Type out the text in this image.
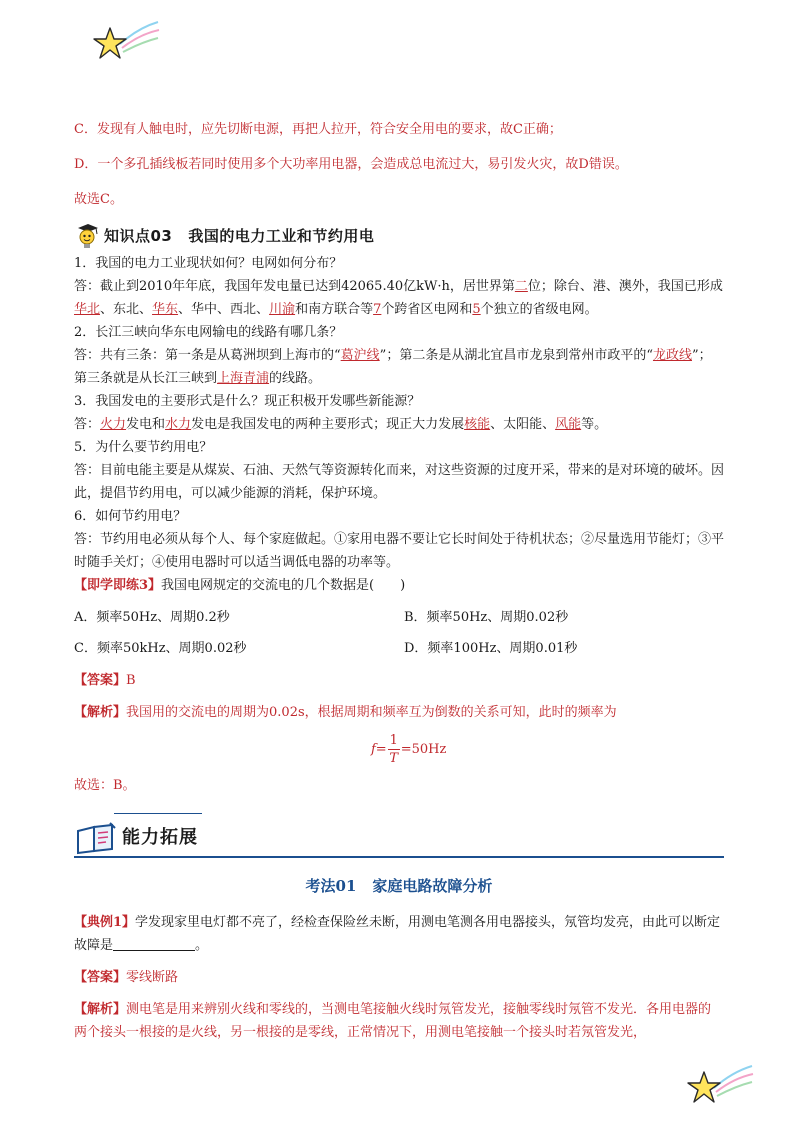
C．发现有人触电时，应先切断电源，再把人拉开，符合安全用电的要求，故C正确；

D．一个多孔插线板若同时使用多个大功率用电器，会造成总电流过大，易引发火灾，故D错误。

故选C。

知识点03 我国的电力工业和节约用电

1．我国的电力工业现状如何？电网如何分布？

答：截止到2010年年底，我国年发电量已达到42065.40亿kW·h，居世界第二位；除台、港、澳外，我国已形成华北、东北、华东、华中、西北、川渝和南方联合等7个跨省区电网和5个独立的省级电网。

2．长江三峡向华东电网输电的线路有哪几条？

答：共有三条：第一条是从葛洲坝到上海市的“葛沪线”；第二条是从湖北宜昌市龙泉到常州市政平的“龙政线”；第三条就是从长江三峡到上海青浦的线路。

3．我国发电的主要形式是什么？现正积极开发哪些新能源？

答：火力发电和水力发电是我国发电的两种主要形式；现正大力发展核能、太阳能、风能等。

5．为什么要节约用电？

答：目前电能主要是从煤炭、石油、天然气等资源转化而来，对这些资源的过度开采，带来的是对环境的破坏。因此，提倡节约用电，可以减少能源的消耗，保护环境。

6．如何节约用电？

答：节约用电必须从每个人、每个家庭做起。①家用电器不要让它长时间处于待机状态；②尽量选用节能灯；③平时随手关灯；④使用电器时可以适当调低电器的功率等。

【即学即练3】我国电网规定的交流电的几个数据是(　　)

A．频率50Hz、周期0.2秒	B．频率50Hz、周期0.02秒
C．频率50kHz、周期0.02秒	D．频率100Hz、周期0.01秒

【答案】B

【解析】我国用的交流电的周期为0.02s，根据周期和频率互为倒数的关系可知，此时的频率为

$f= \frac{1}{T} =50Hz$

故选：B。

能力拓展
考法01 家庭电路故障分析

【典例1】学发现家里电灯都不亮了，经检查保险丝未断，用测电笔测各用电器接头，氖管均发亮，由此可以断定故障是	。

【答案】零线断路

【解析】测电笔是用来辨别火线和零线的，当测电笔接触火线时氖管发光，接触零线时氖管不发光．各用电器的两个接头一根接的是火线，另一根接的是零线，正常情况下，用测电笔接触一个接头时若氖管发光，
